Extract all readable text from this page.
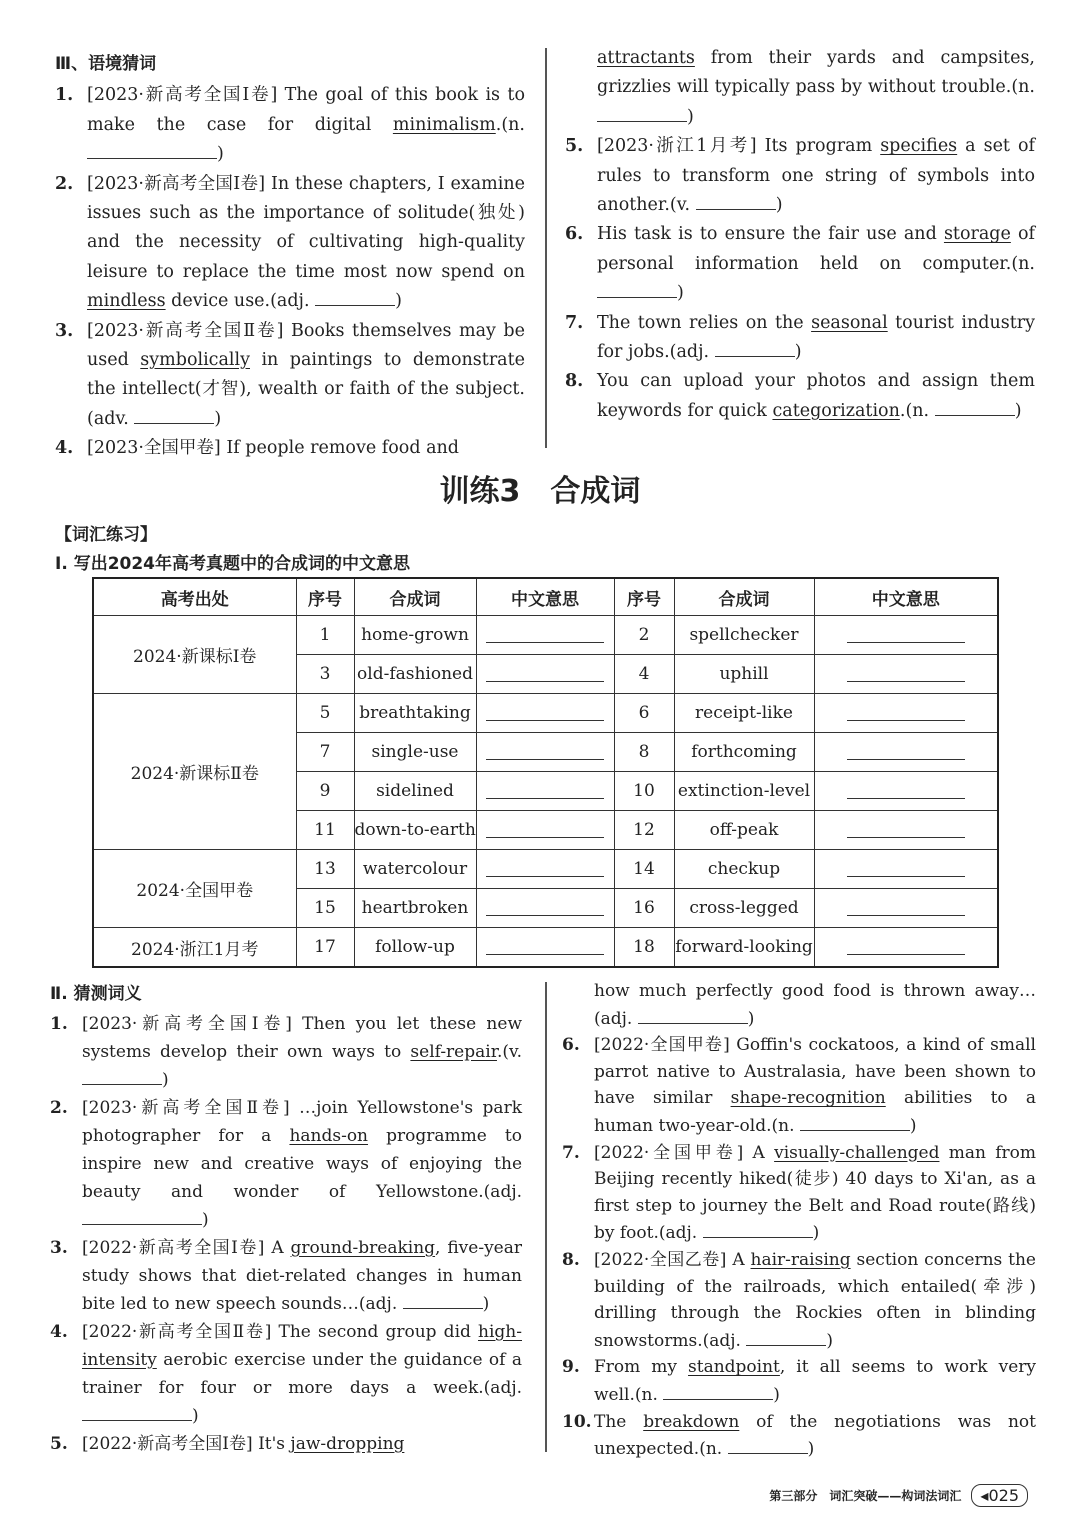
Ⅲ、语境猜词
1. [2023·新高考全国Ⅰ卷] The goal of this book is to make the case for digital minimalism.(n. )
2. [2023·新高考全国Ⅰ卷] In these chapters, I examine issues such as the importance of solitude(独处) and the necessity of cultivating high-quality leisure to replace the time most now spend on mindless device use.(adj.	)
3. [2023·新高考全国Ⅱ卷] Books themselves may be used symbolically in paintings to demonstrate the intellect(才智), wealth or faith of the subject.(adv.	)
4. [2023·全国甲卷] If people remove food and
attractants from their yards and campsites, grizzlies will typically pass by without trouble.(n. )
5. [2023·浙江1月考] Its program specifies a set of rules to transform one string of symbols into another.(v.	)
6. His task is to ensure the fair use and storage of personal information held on computer.(n. )
7. The town relies on the seasonal tourist industry for jobs.(adj.	)
8. You can upload your photos and assign them keywords for quick categorization.(n.	)
训练3　合成词
【词汇练习】
Ⅰ. 写出2024年高考真题中的合成词的中文意思
高考出处	序号	合成词	中文意思	序号	合成词	中文意思
2024·新课标Ⅰ卷	1	home-grown		2	spellchecker	
	3	old-fashioned		4	uphill	
2024·新课标Ⅱ卷	5	breathtaking		6	receipt-like	
	7	single-use		8	forthcoming	
	9	sidelined		10	extinction-level	
	11	down-to-earth		12	off-peak	
2024·全国甲卷	13	watercolour		14	checkup	
	15	heartbroken		16	cross-legged	
2024·浙江1月考	17	follow-up		18	forward-looking	
Ⅱ. 猜测词义
1. [2023·新高考全国Ⅰ卷] Then you let these new systems develop their own ways to self-repair.(v. )
2. [2023·新高考全国Ⅱ卷] …join Yellowstone's park photographer for a hands-on programme to inspire new and creative ways of enjoying the beauty and wonder of Yellowstone.(adj. )
3. [2022·新高考全国Ⅰ卷] A ground-breaking, five-year study shows that diet-related changes in human bite led to new speech sounds…(adj.	)
4. [2022·新高考全国Ⅱ卷] The second group did high-intensity aerobic exercise under the guidance of a trainer for four or more days a week.(adj. )
5. [2022·新高考全国Ⅰ卷] It's jaw-dropping
how much perfectly good food is thrown away…(adj.	)
6. [2022·全国甲卷] Goffin's cockatoos, a kind of small parrot native to Australasia, have been shown to have similar shape-recognition abilities to a human two-year-old.(n.	)
7. [2022·全国甲卷] A visually-challenged man from Beijing recently hiked(徒步) 40 days to Xi'an, as a first step to journey the Belt and Road route(路线) by foot.(adj.	)
8. [2022·全国乙卷] A hair-raising section concerns the building of the railroads, which entailed(牵涉) drilling through the Rockies often in blinding snowstorms.(adj.	)
9. From my standpoint, it all seems to work very well.(n.	)
10. The breakdown of the negotiations was not unexpected.(n.	)
第三部分　词汇突破——构词法词汇	◂025
